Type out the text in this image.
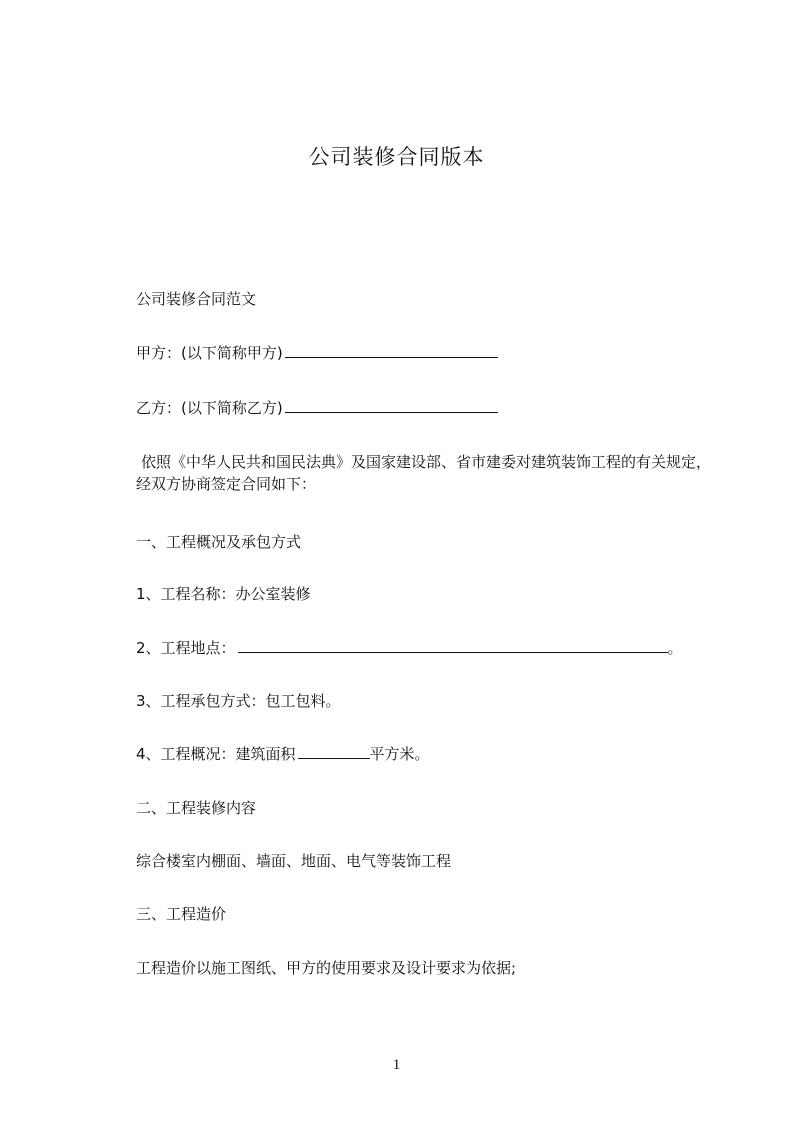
公司装修合同版本
公司装修合同范文
甲方：(以下简称甲方)
乙方：(以下简称乙方)
依照《中华人民共和国民法典》及国家建设部、省市建委对建筑装饰工程的有关规定，经双方协商签定合同如下：
一、工程概况及承包方式
1、工程名称：办公室装修
2、工程地点：	。
3、工程承包方式：包工包料。
4、工程概况：建筑面积	平方米。
二、工程装修内容
综合楼室内棚面、墙面、地面、电气等装饰工程
三、工程造价
工程造价以施工图纸、甲方的使用要求及设计要求为依据;
1
